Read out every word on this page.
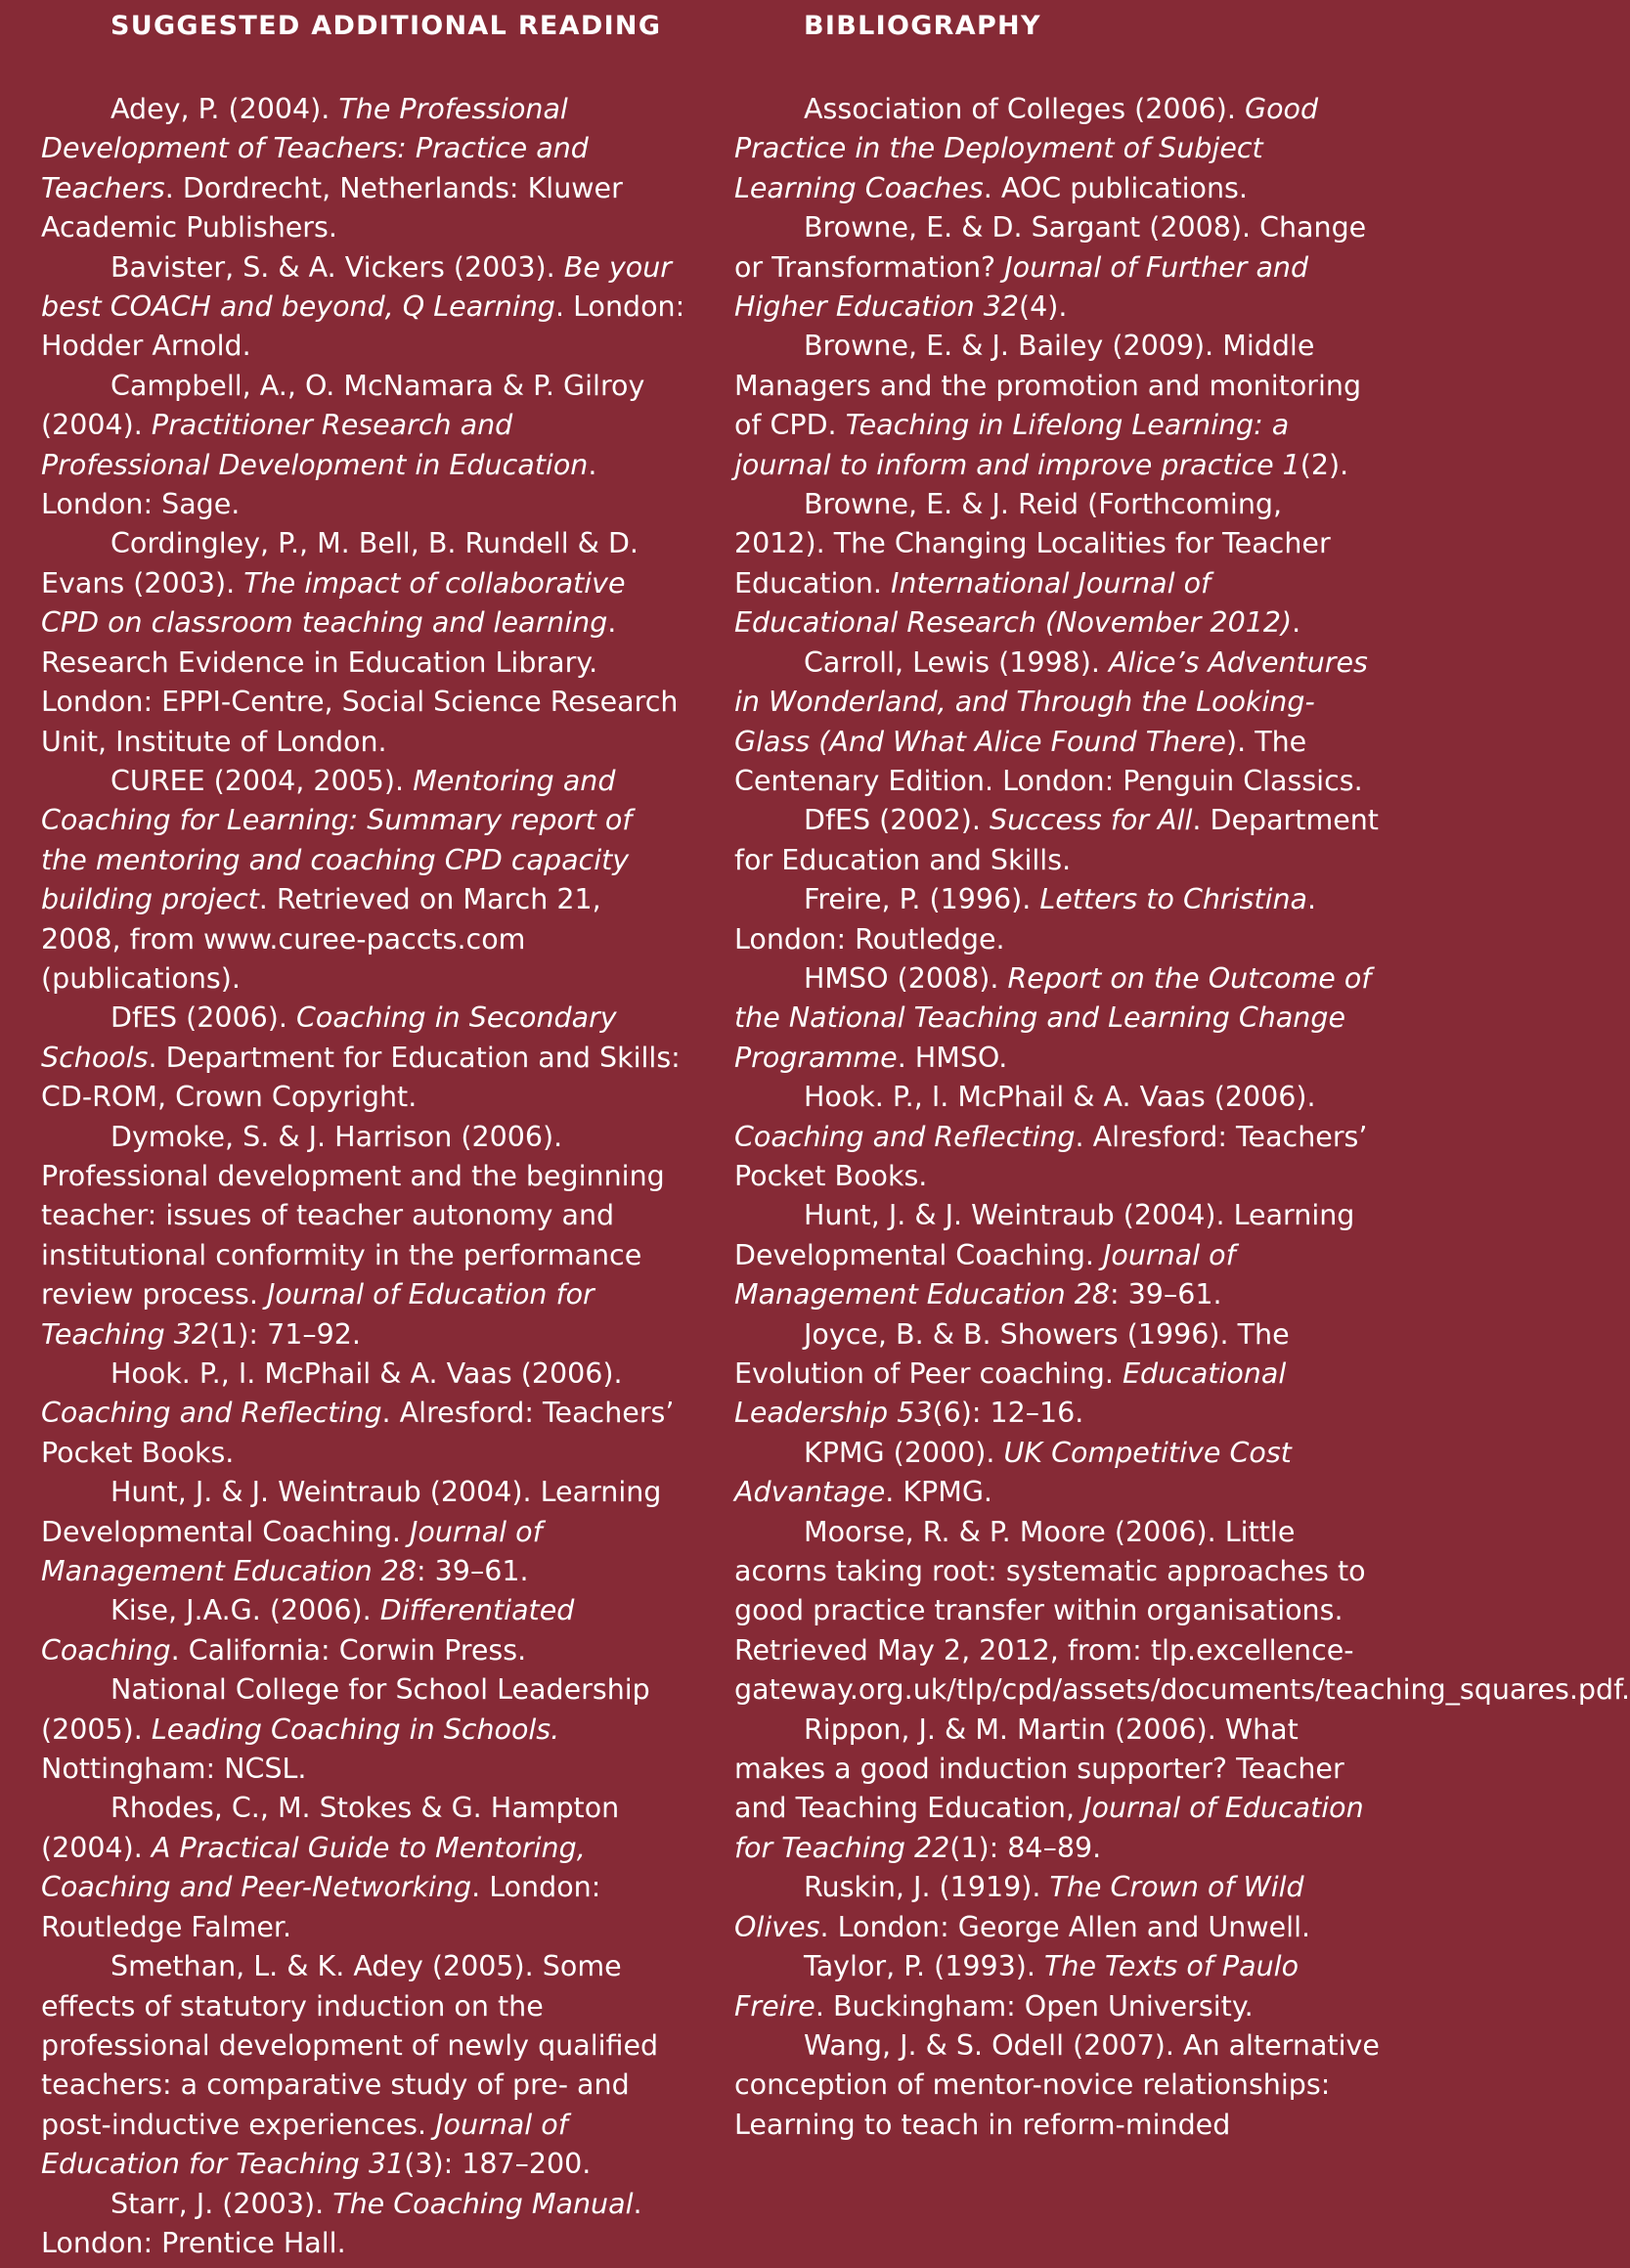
SUGGESTED ADDITIONAL READING

Adey, P. (2004). The Professional Development of Teachers: Practice and Teachers. Dordrecht, Netherlands: Kluwer Academic Publishers.

Bavister, S. & A. Vickers (2003). Be your best COACH and beyond, Q Learning. London: Hodder Arnold.

Campbell, A., O. McNamara & P. Gilroy (2004). Practitioner Research and Professional Development in Education. London: Sage.

Cordingley, P., M. Bell, B. Rundell & D. Evans (2003). The impact of collaborative CPD on classroom teaching and learning. Research Evidence in Education Library. London: EPPI-Centre, Social Science Research Unit, Institute of London.

CUREE (2004, 2005). Mentoring and Coaching for Learning: Summary report of the mentoring and coaching CPD capacity building project. Retrieved on March 21, 2008, from www.curee-paccts.com (publications).

DfES (2006). Coaching in Secondary Schools. Department for Education and Skills: CD-ROM, Crown Copyright.

Dymoke, S. & J. Harrison (2006). Professional development and the beginning teacher: issues of teacher autonomy and institutional conformity in the performance review process. Journal of Education for Teaching 32(1): 71–92.

Hook. P., I. McPhail & A. Vaas (2006). Coaching and Reflecting. Alresford: Teachers’ Pocket Books.

Hunt, J. & J. Weintraub (2004). Learning Developmental Coaching. Journal of Management Education 28: 39–61.

Kise, J.A.G. (2006). Differentiated Coaching. California: Corwin Press.

National College for School Leadership (2005). Leading Coaching in Schools. Nottingham: NCSL.

Rhodes, C., M. Stokes & G. Hampton (2004). A Practical Guide to Mentoring, Coaching and Peer-Networking. London: Routledge Falmer.

Smethan, L. & K. Adey (2005). Some effects of statutory induction on the professional development of newly qualified teachers: a comparative study of pre- and post-inductive experiences. Journal of Education for Teaching 31(3): 187–200.

Starr, J. (2003). The Coaching Manual. London: Prentice Hall.

BIBLIOGRAPHY

Association of Colleges (2006). Good Practice in the Deployment of Subject Learning Coaches. AOC publications.

Browne, E. & D. Sargant (2008). Change or Transformation? Journal of Further and Higher Education 32(4).

Browne, E. & J. Bailey (2009). Middle Managers and the promotion and monitoring of CPD. Teaching in Lifelong Learning: a journal to inform and improve practice 1(2).

Browne, E. & J. Reid (Forthcoming, 2012). The Changing Localities for Teacher Education. International Journal of Educational Research (November 2012).

Carroll, Lewis (1998). Alice’s Adventures in Wonderland, and Through the Looking-Glass (And What Alice Found There). The Centenary Edition. London: Penguin Classics.

DfES (2002). Success for All. Department for Education and Skills.

Freire, P. (1996). Letters to Christina. London: Routledge.

HMSO (2008). Report on the Outcome of the National Teaching and Learning Change Programme. HMSO.

Hook. P., I. McPhail & A. Vaas (2006). Coaching and Reflecting. Alresford: Teachers’ Pocket Books.

Hunt, J. & J. Weintraub (2004). Learning Developmental Coaching. Journal of Management Education 28: 39–61.

Joyce, B. & B. Showers (1996). The Evolution of Peer coaching. Educational Leadership 53(6): 12–16.

KPMG (2000). UK Competitive Cost Advantage. KPMG.

Moorse, R. & P. Moore (2006). Little acorns taking root: systematic approaches to good practice transfer within organisations. Retrieved May 2, 2012, from: tlp.excellence-gateway.org.uk/tlp/cpd/assets/documents/teaching_squares.pdf.

Rippon, J. & M. Martin (2006). What makes a good induction supporter? Teacher and Teaching Education, Journal of Education for Teaching 22(1): 84–89.

Ruskin, J. (1919). The Crown of Wild Olives. London: George Allen and Unwell.

Taylor, P. (1993). The Texts of Paulo Freire. Buckingham: Open University.

Wang, J. & S. Odell (2007). An alternative conception of mentor-novice relationships: Learning to teach in reform-minded
